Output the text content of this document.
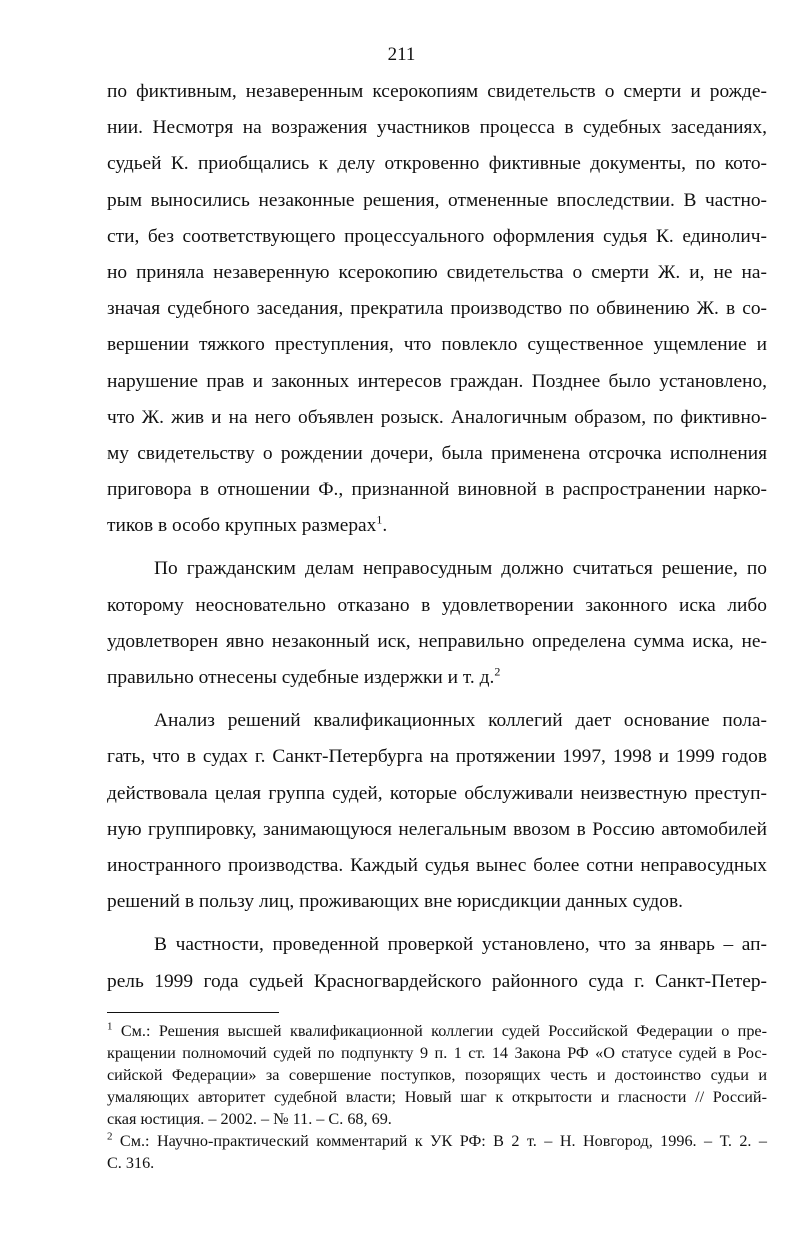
211
по фиктивным, незаверенным ксерокопиям свидетельств о смерти и рожде-
нии. Несмотря на возражения участников процесса в судебных заседаниях,
судьей К. приобщались к делу откровенно фиктивные документы, по кото-
рым выносились незаконные решения, отмененные впоследствии. В частно-
сти, без соответствующего процессуального оформления судья К. единолич-
но приняла незаверенную ксерокопию свидетельства о смерти Ж. и, не на-
значая судебного заседания, прекратила производство по обвинению Ж. в со-
вершении тяжкого преступления, что повлекло существенное ущемление и
нарушение прав и законных интересов граждан. Позднее было установлено,
что Ж. жив и на него объявлен розыск. Аналогичным образом, по фиктивно-
му свидетельству о рождении дочери, была применена отсрочка исполнения
приговора в отношении Ф., признанной виновной в распространении нарко-
тиков в особо крупных размерах$^1$.
По гражданским делам неправосудным должно считаться решение, по
которому неосновательно отказано в удовлетворении законного иска либо
удовлетворен явно незаконный иск, неправильно определена сумма иска, не-
правильно отнесены судебные издержки и т. д.$^2$
Анализ решений квалификационных коллегий дает основание пола-
гать, что в судах г. Санкт-Петербурга на протяжении 1997, 1998 и 1999 годов
действовала целая группа судей, которые обслуживали неизвестную преступ-
ную группировку, занимающуюся нелегальным ввозом в Россию автомобилей
иностранного производства. Каждый судья вынес более сотни неправосудных
решений в пользу лиц, проживающих вне юрисдикции данных судов.
В частности, проведенной проверкой установлено, что за январь – ап-
рель 1999 года судьей Красногвардейского районного суда г. Санкт-Петер-
$^1$ См.: Решения высшей квалификационной коллегии судей Российской Федерации о пре-
кращении полномочий судей по подпункту 9 п. 1 ст. 14 Закона РФ «О статусе судей в Рос-
сийской Федерации» за совершение поступков, позорящих честь и достоинство судьи и
умаляющих авторитет судебной власти; Новый шаг к открытости и гласности // Россий-
ская юстиция. – 2002. – № 11. – С. 68, 69.
$^2$ См.: Научно-практический комментарий к УК РФ: В 2 т. – Н. Новгород, 1996. – Т. 2. –
С. 316.
